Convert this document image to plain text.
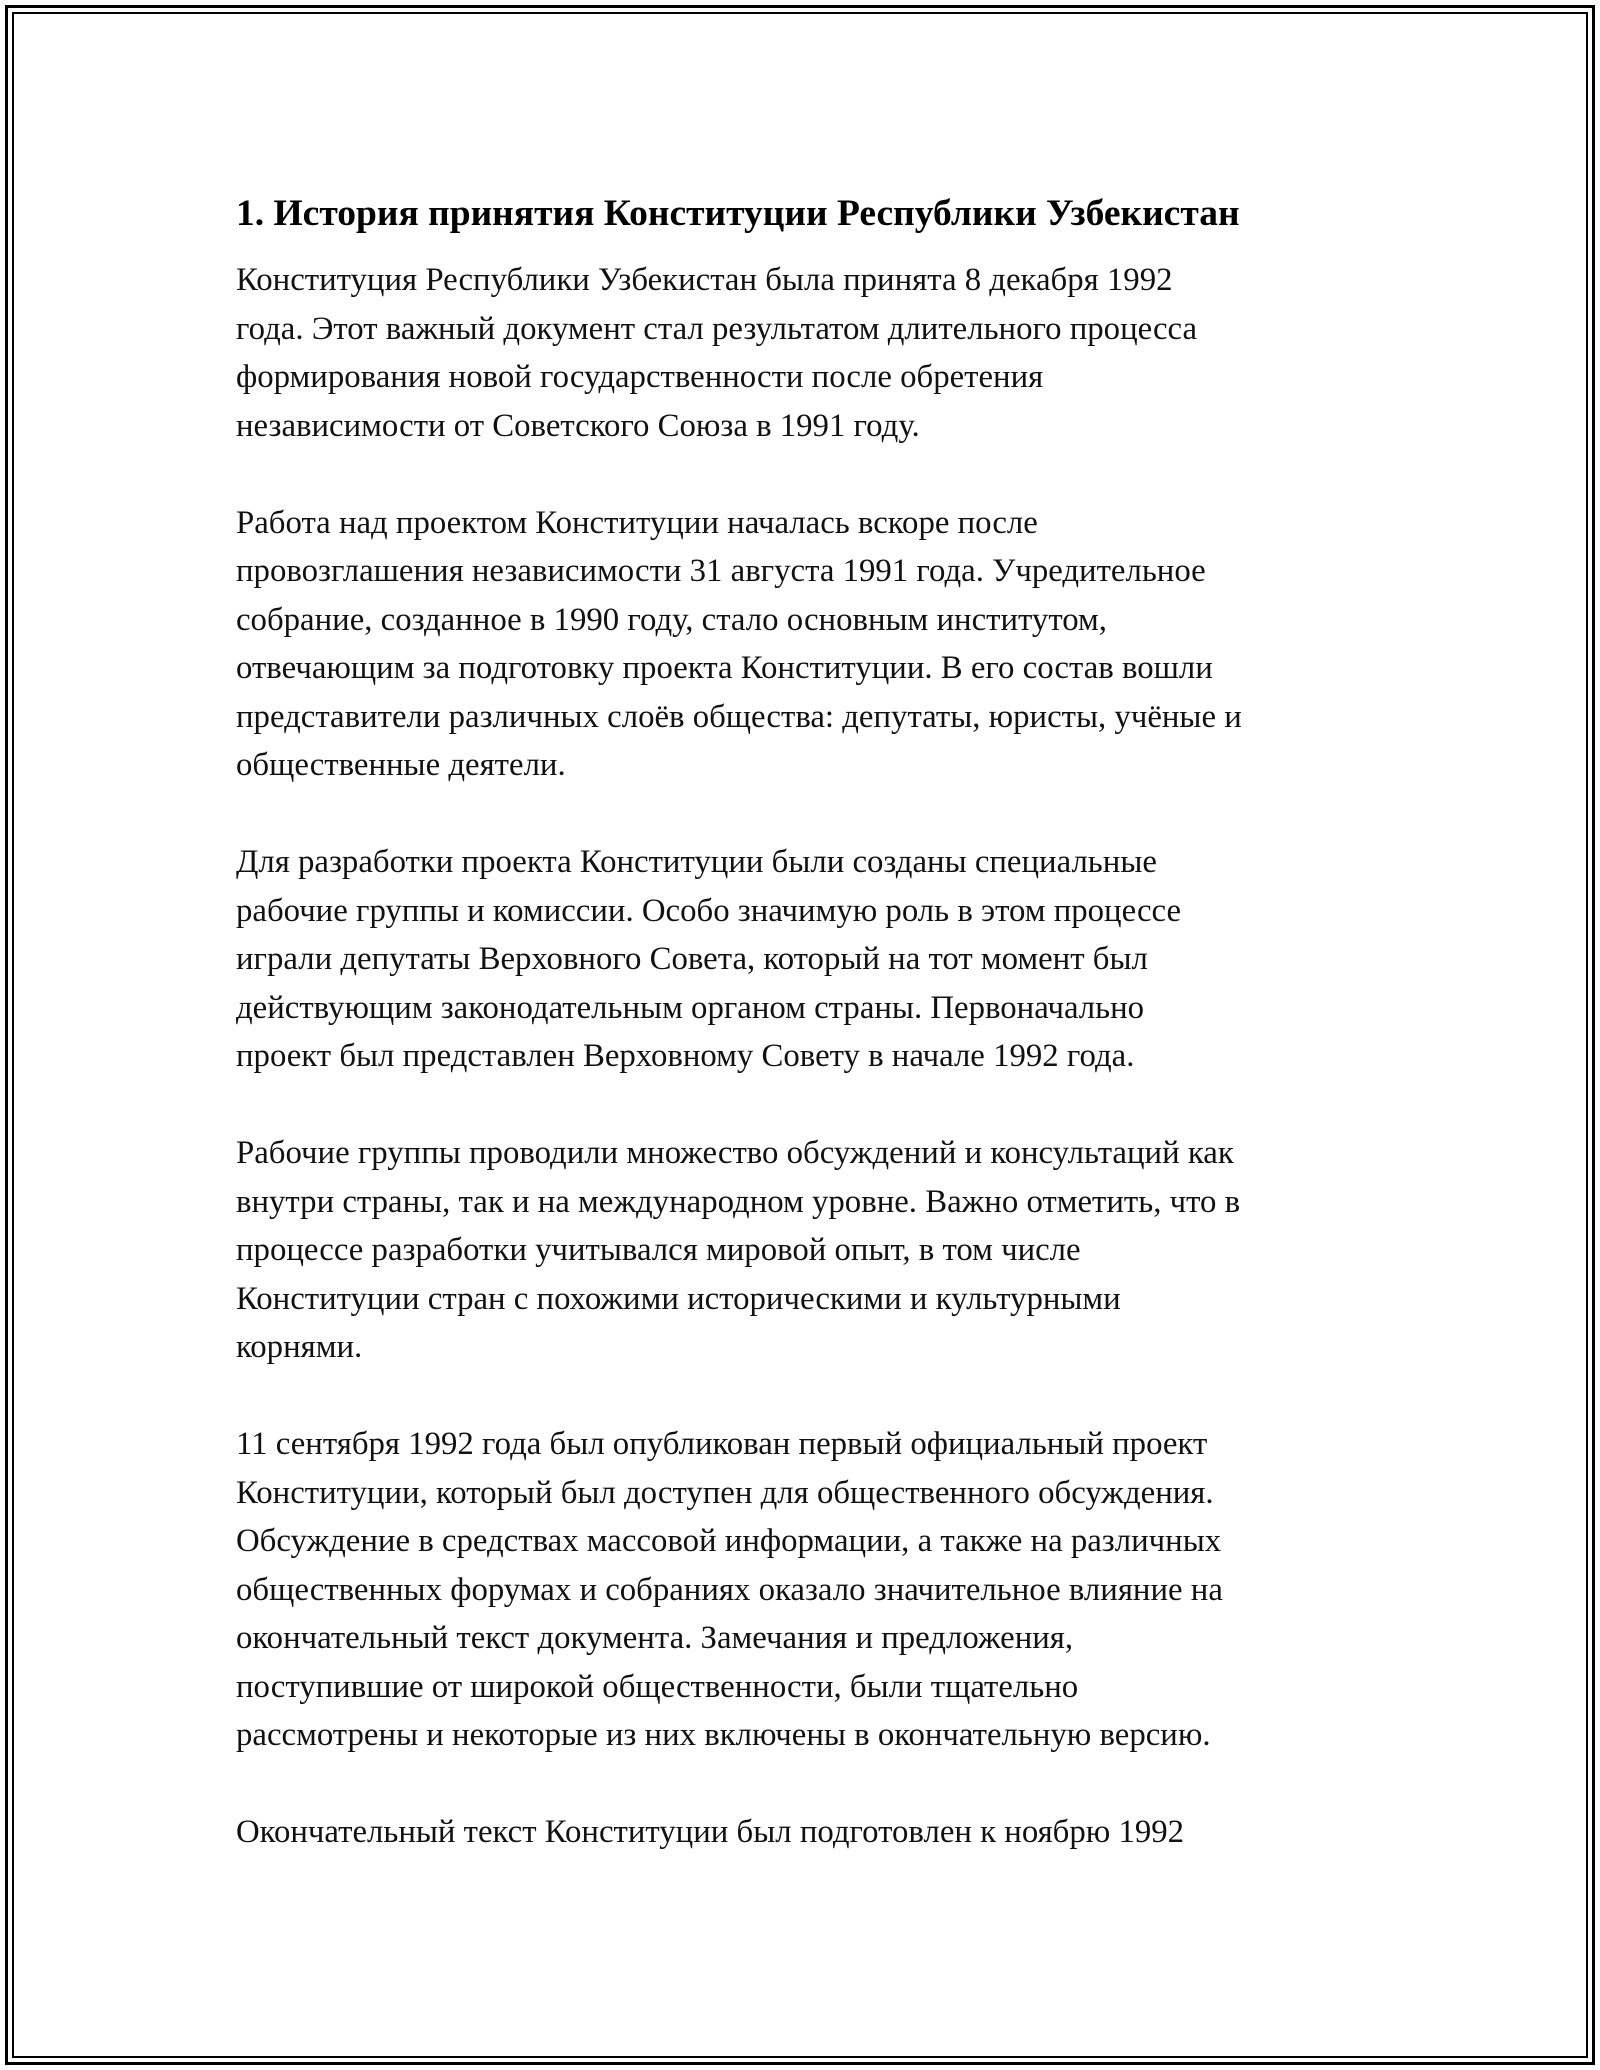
1. История принятия Конституции Республики Узбекистан

Конституция Республики Узбекистан была принята 8 декабря 1992
года. Этот важный документ стал результатом длительного процесса
формирования новой государственности после обретения
независимости от Советского Союза в 1991 году.

Работа над проектом Конституции началась вскоре после
провозглашения независимости 31 августа 1991 года. Учредительное
собрание, созданное в 1990 году, стало основным институтом,
отвечающим за подготовку проекта Конституции. В его состав вошли
представители различных слоёв общества: депутаты, юристы, учёные и
общественные деятели.

Для разработки проекта Конституции были созданы специальные
рабочие группы и комиссии. Особо значимую роль в этом процессе
играли депутаты Верховного Совета, который на тот момент был
действующим законодательным органом страны. Первоначально
проект был представлен Верховному Совету в начале 1992 года.

Рабочие группы проводили множество обсуждений и консультаций как
внутри страны, так и на международном уровне. Важно отметить, что в
процессе разработки учитывался мировой опыт, в том числе
Конституции стран с похожими историческими и культурными
корнями.

11 сентября 1992 года был опубликован первый официальный проект
Конституции, который был доступен для общественного обсуждения.
Обсуждение в средствах массовой информации, а также на различных
общественных форумах и собраниях оказало значительное влияние на
окончательный текст документа. Замечания и предложения,
поступившие от широкой общественности, были тщательно
рассмотрены и некоторые из них включены в окончательную версию.

Окончательный текст Конституции был подготовлен к ноябрю 1992
